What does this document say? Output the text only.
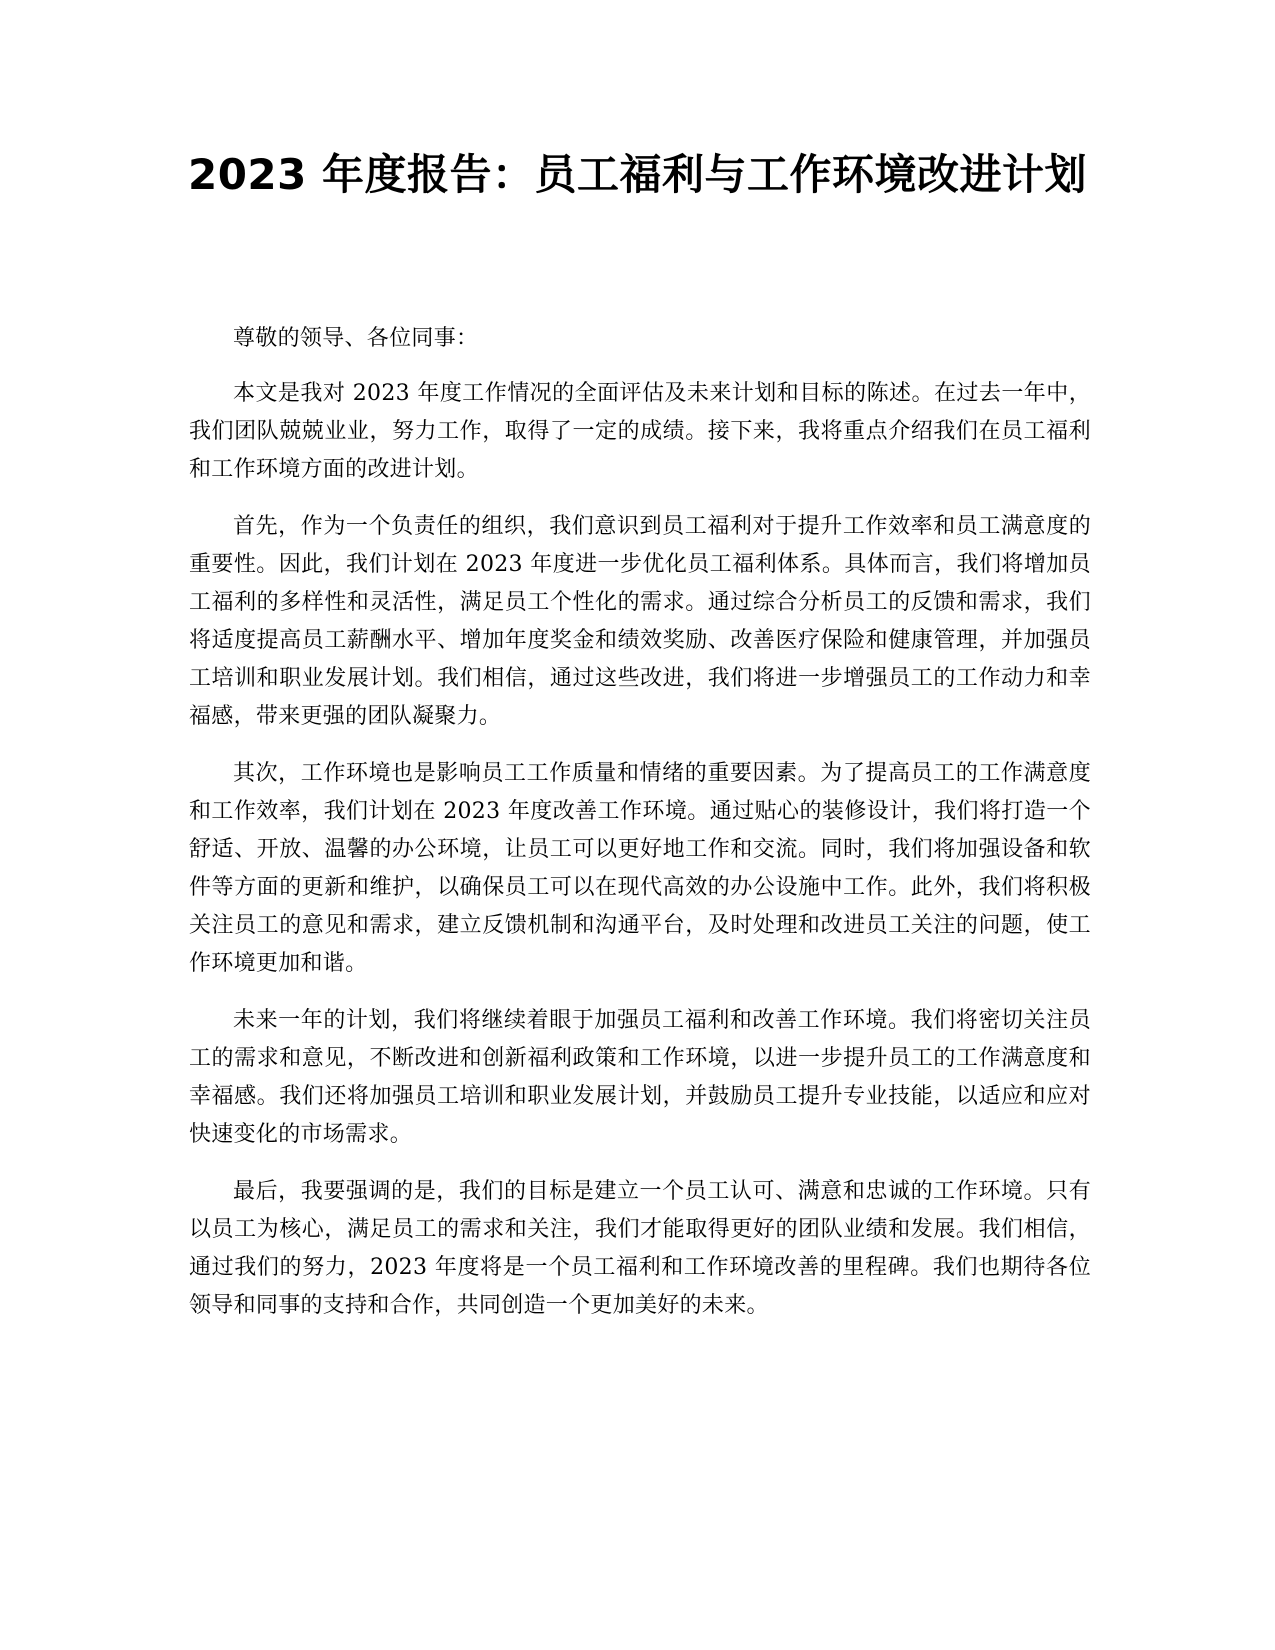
2023 年度报告：员工福利与工作环境改进计划

尊敬的领导、各位同事：

本文是我对 2023 年度工作情况的全面评估及未来计划和目标的陈述。在过去一年中，我们团队兢兢业业，努力工作，取得了一定的成绩。接下来，我将重点介绍我们在员工福利和工作环境方面的改进计划。

首先，作为一个负责任的组织，我们意识到员工福利对于提升工作效率和员工满意度的重要性。因此，我们计划在 2023 年度进一步优化员工福利体系。具体而言，我们将增加员工福利的多样性和灵活性，满足员工个性化的需求。通过综合分析员工的反馈和需求，我们将适度提高员工薪酬水平、增加年度奖金和绩效奖励、改善医疗保险和健康管理，并加强员工培训和职业发展计划。我们相信，通过这些改进，我们将进一步增强员工的工作动力和幸福感，带来更强的团队凝聚力。

其次，工作环境也是影响员工工作质量和情绪的重要因素。为了提高员工的工作满意度和工作效率，我们计划在 2023 年度改善工作环境。通过贴心的装修设计，我们将打造一个舒适、开放、温馨的办公环境，让员工可以更好地工作和交流。同时，我们将加强设备和软件等方面的更新和维护，以确保员工可以在现代高效的办公设施中工作。此外，我们将积极关注员工的意见和需求，建立反馈机制和沟通平台，及时处理和改进员工关注的问题，使工作环境更加和谐。

未来一年的计划，我们将继续着眼于加强员工福利和改善工作环境。我们将密切关注员工的需求和意见，不断改进和创新福利政策和工作环境，以进一步提升员工的工作满意度和幸福感。我们还将加强员工培训和职业发展计划，并鼓励员工提升专业技能，以适应和应对快速变化的市场需求。

最后，我要强调的是，我们的目标是建立一个员工认可、满意和忠诚的工作环境。只有以员工为核心，满足员工的需求和关注，我们才能取得更好的团队业绩和发展。我们相信，通过我们的努力，2023 年度将是一个员工福利和工作环境改善的里程碑。我们也期待各位领导和同事的支持和合作，共同创造一个更加美好的未来。
